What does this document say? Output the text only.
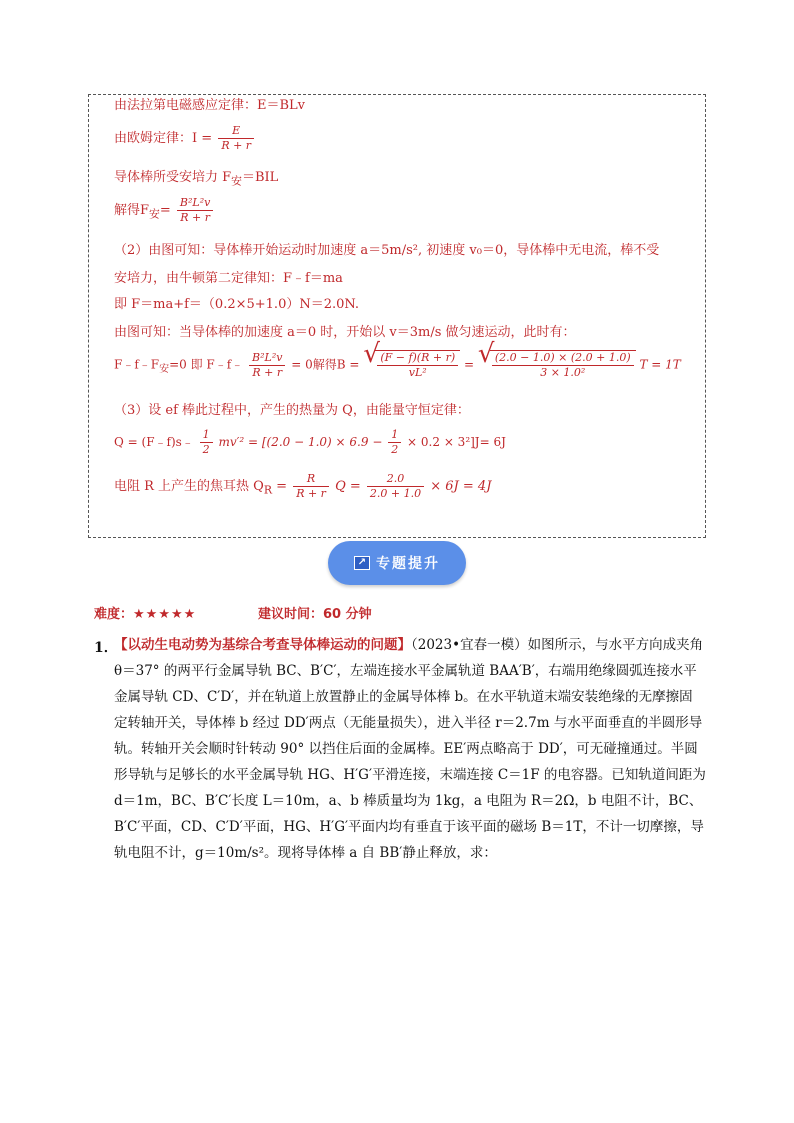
由法拉第电磁感应定律：E＝BLv
由欧姆定律：$I = \frac{E}{R + r}$
导体棒所受安培力 $F_安=BIL$
解得$F_安= \frac{\text{B²L²v}}{R + r}$
（2）由图可知：导体棒开始运动时加速度 a＝5m/s², 初速度 v₀＝0，导体棒中无电流，棒不受
安培力，由牛顿第二定律知：F﹣f＝ma
即 F＝ma+f＝（0.2×5+1.0）N＝2.0N.
由图可知：当导体棒的加速度 a＝0 时，开始以 v＝3m/s 做匀速运动，此时有：
$F﹣f﹣F_安=0$ 即 F﹣f﹣ $\frac{\text{B²L²v}}{R + r} = 0$解得B = √ $\frac{(F - f)(R + r)}{\text{vL²}}$ = √ $\frac{(2.0 - 1.0) \times (2.0 + 1.0)}{\text{3 × 1.0²}}$ T = 1T
（3）设 ef 棒此过程中，产生的热量为 Q，由能量守恒定律：
Q = (F﹣f)s﹣ $\frac{1}{2} mv'^2 = [(2.0 - 1.0) \times 6.9 - \frac{1}{2} \times 0.2 \times 3^2]J= 6J$
电阻 R 上产生的焦耳热 $Q_R = \frac{R}{R + r}$ $Q = \frac{2.0}{2.0 + 1.0} \times 6J = 4J$
↗ 专题提升
难度：★★★★★	建议时间：60 分钟
1．
【以动生电动势为基综合考查导体棒运动的问题】（2023•宜春一模）如图所示，与水平方向成夹角 θ＝37° 的两平行金属导轨 BC、B′C′，左端连接水平金属轨道 BAA′B′，右端用绝缘圆弧连接水平金属导轨 CD、C′D′，并在轨道上放置静止的金属导体棒 b。在水平轨道末端安装绝缘的无摩擦固定转轴开关，导体棒 b 经过 DD′两点（无能量损失），进入半径 r＝2.7m 与水平面垂直的半圆形导轨。转轴开关会顺时针转动 90° 以挡住后面的金属棒。EE′两点略高于 DD′，可无碰撞通过。半圆形导轨与足够长的水平金属导轨 HG、H′G′平滑连接，末端连接 C＝1F 的电容器。已知轨道间距为 d＝1m，BC、B′C′长度 L＝10m，a、b 棒质量均为 1kg，a 电阻为 R＝2Ω，b 电阻不计，BC、B′C′平面，CD、C′D′平面，HG、H′G′平面内均有垂直于该平面的磁场 B＝1T，不计一切摩擦，导轨电阻不计，g＝10m/s²。现将导体棒 a 自 BB′静止释放，求：
